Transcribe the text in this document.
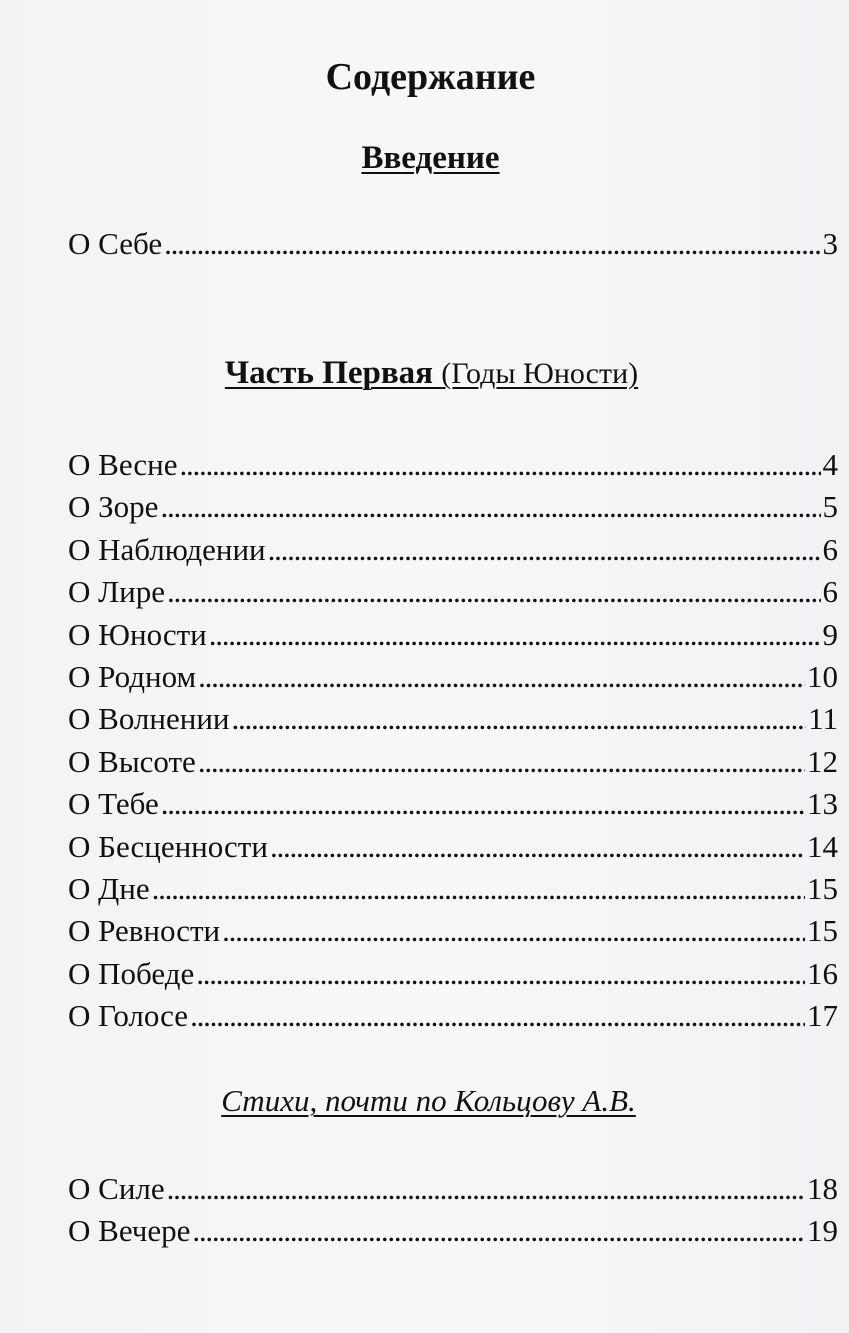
Содержание
Введение
О Себе . . .	3
Часть Первая (Годы Юности)
О Весне . . .	4
О Зоре . . .	5
О Наблюдении . . .	6
О Лире . . .	6
О Юности . . .	9
О Родном . . .	10
О Волнении . . .	11
О Высоте . . .	12
О Тебе . . .	13
О Бесценности . . .	14
О Дне . . .	15
О Ревности . . .	15
О Победе . . .	16
О Голосе . . .	17
Стихи, почти по Кольцову А.В.
О Силе . . .	18
О Вечере . . .	19
